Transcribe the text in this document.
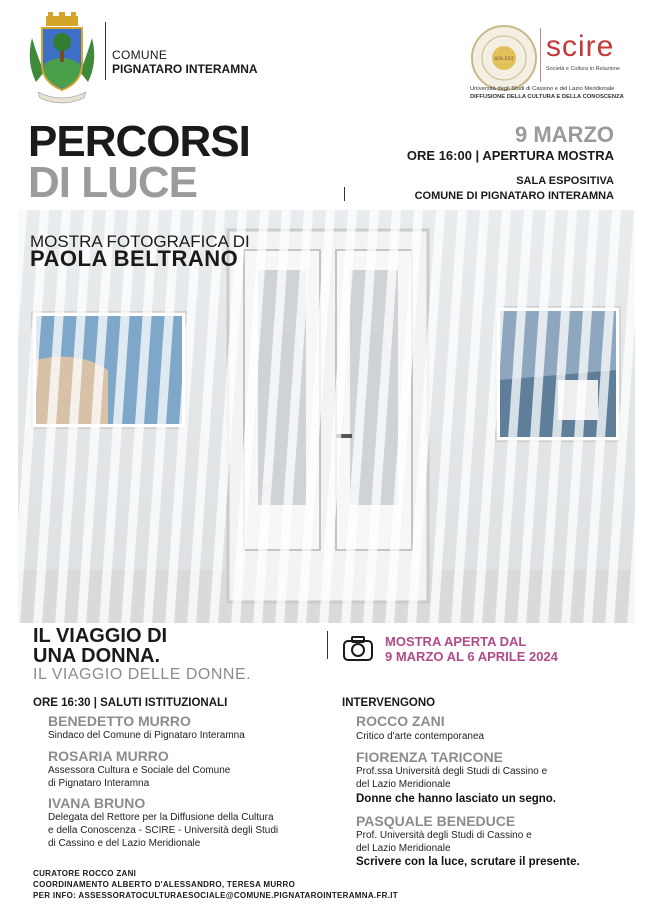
COMUNE
PIGNATARO INTERAMNA
SOL EST scire
Società e Cultura in Relazione
Università degli Studi di Cassino e del Lazio Meridionale
DIFFUSIONE DELLA CULTURA E DELLA CONOSCENZA
PERCORSI
DI LUCE
9 MARZO
ORE 16:00 | APERTURA MOSTRA
SALA ESPOSITIVA
COMUNE DI PIGNATARO INTERAMNA
MOSTRA FOTOGRAFICA DI
PAOLA BELTRANO
IL VIAGGIO DI
UNA DONNA.
IL VIAGGIO DELLE DONNE.
MOSTRA APERTA DAL
9 MARZO AL 6 APRILE 2024
ORE 16:30 | SALUTI ISTITUZIONALI
BENEDETTO MURRO
Sindaco del Comune di Pignataro Interamna
ROSARIA MURRO
Assessora Cultura e Sociale del Comune
di Pignataro Interamna
IVANA BRUNO
Delegata del Rettore per la Diffusione della Cultura
e della Conoscenza - SCIRE - Università degli Studi
di Cassino e del Lazio Meridionale
INTERVENGONO
ROCCO ZANI
Critico d'arte contemporanea
FIORENZA TARICONE
Prof.ssa Università degli Studi di Cassino e
del Lazio Meridionale
Donne che hanno lasciato un segno.
PASQUALE BENEDUCE
Prof. Università degli Studi di Cassino e
del Lazio Meridionale
Scrivere con la luce, scrutare il presente.
CURATORE ROCCO ZANI
COORDINAMENTO ALBERTO D'ALESSANDRO, TERESA MURRO
PER INFO: ASSESSORATOCULTURAESOCIALE@COMUNE.PIGNATAROINTERAMNA.FR.IT
